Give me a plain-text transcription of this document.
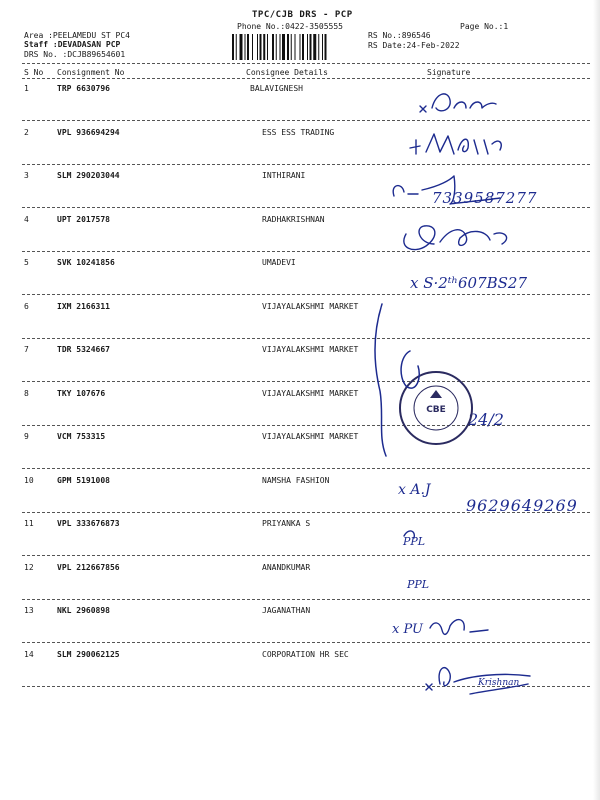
TPC/CJB DRS - PCP
Phone No.:0422-3505555	Page No.:1
Area :PEELAMEDU ST PC4
Staff :DEVADASAN PCP
DRS No. :DCJB89654601
RS No.:896546
RS Date:24-Feb-2022
S No Consignment No	Consignee Details	Signature
1	TRP 6630796	BALAVIGNESH
2	VPL 936694294	ESS ESS TRADING
3	SLM 290203044	INTHIRANI
4	UPT 2017578	RADHAKRISHNAN
5	SVK 10241856	UMADEVI
6	IXM 2166311	VIJAYALAKSHMI MARKET
7	TDR 5324667	VIJAYALAKSHMI MARKET
8	TKY 107676	VIJAYALAKSHMI MARKET
9	VCM 753315	VIJAYALAKSHMI MARKET
10	GPM 5191008	NAMSHA FASHION
11	VPL 333676873	PRIYANKA S
12	VPL 212667856	ANANDKUMAR
13	NKL 2960898	JAGANATHAN
14	SLM 290062125	CORPORATION HR SEC
7339587277
x S·2ᵗʰ607BS27
x A.J
9629649269
PPL
PPL
x PU
Krishnan
24/2
CBE
